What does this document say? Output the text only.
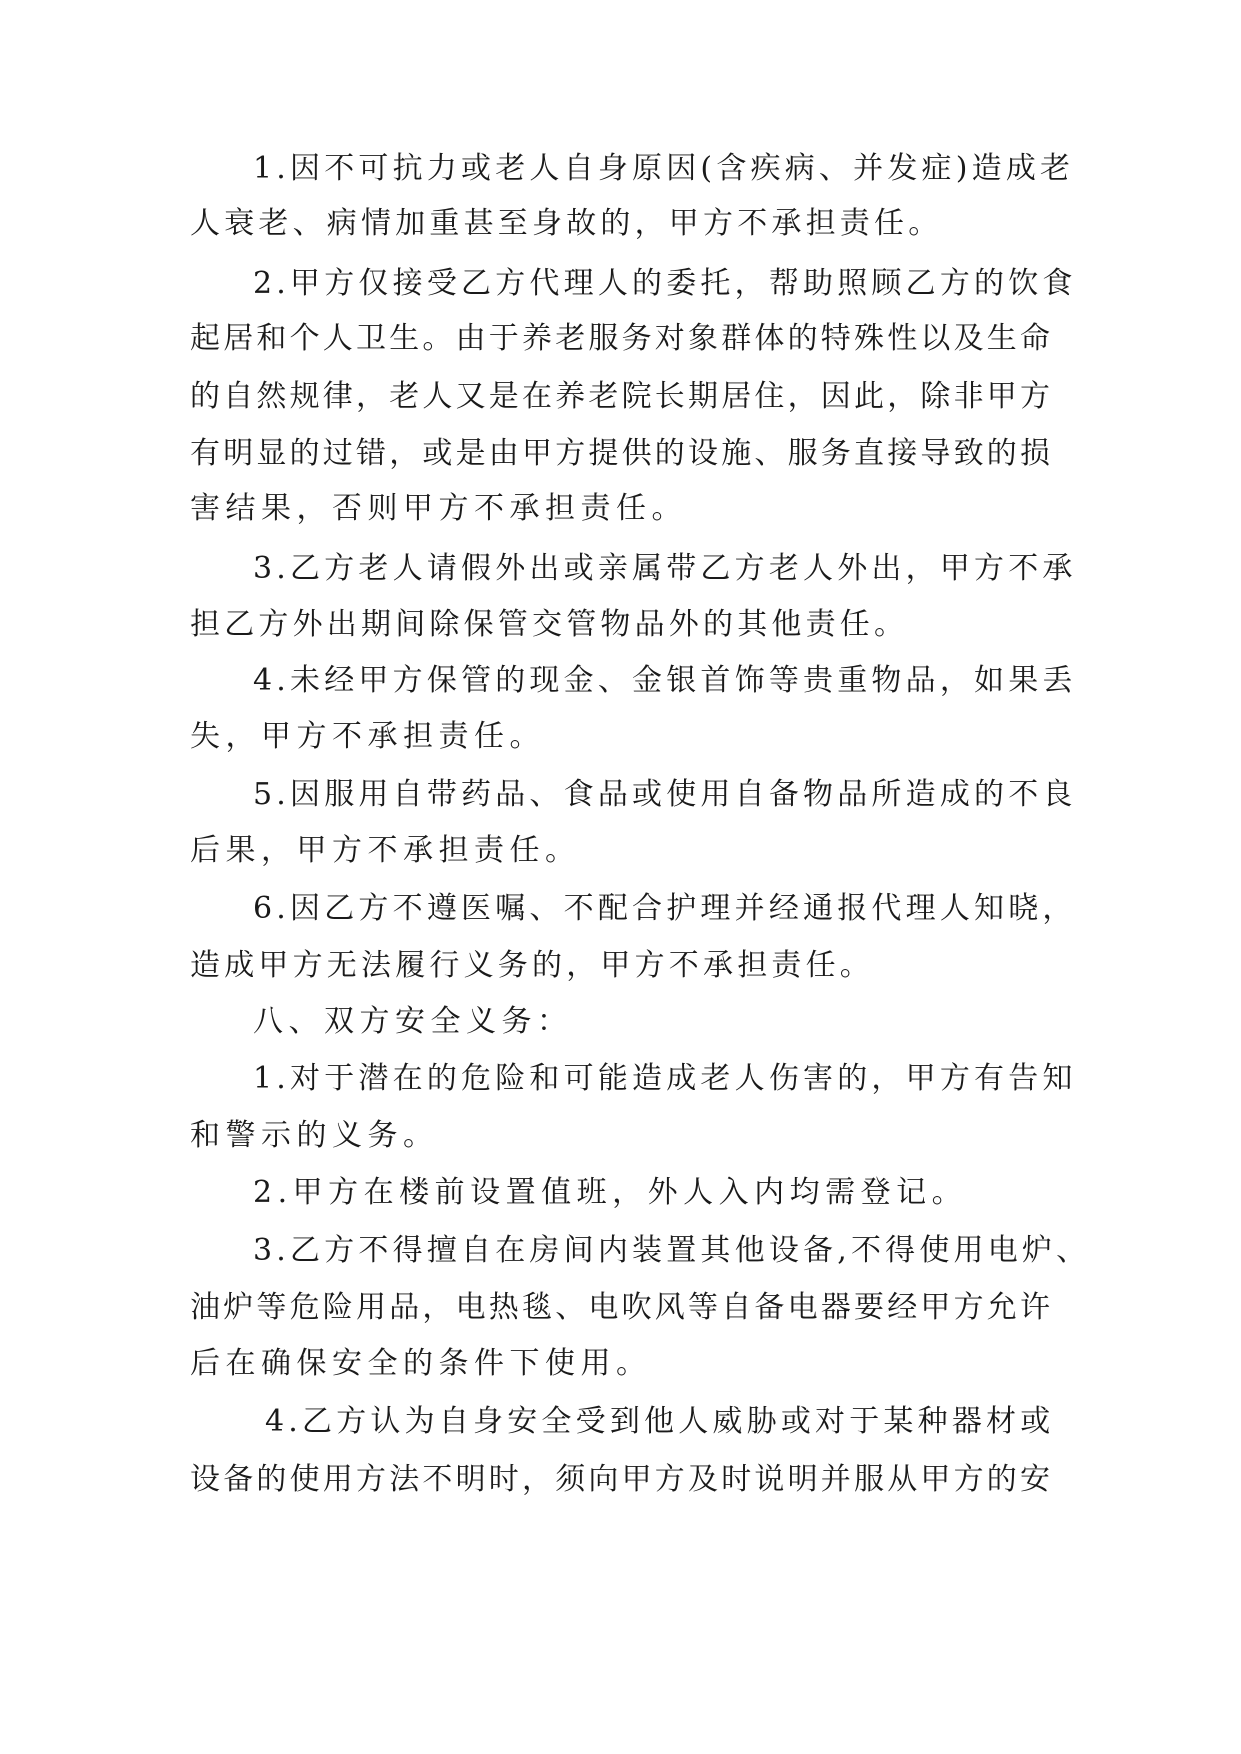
1.因不可抗力或老人自身原因(含疾病、并发症)造成老
人衰老、病情加重甚至身故的，甲方不承担责任。
2.甲方仅接受乙方代理人的委托，帮助照顾乙方的饮食
起居和个人卫生。由于养老服务对象群体的特殊性以及生命
的自然规律，老人又是在养老院长期居住，因此，除非甲方
有明显的过错，或是由甲方提供的设施、服务直接导致的损
害结果，否则甲方不承担责任。
3.乙方老人请假外出或亲属带乙方老人外出，甲方不承
担乙方外出期间除保管交管物品外的其他责任。
4.未经甲方保管的现金、金银首饰等贵重物品，如果丢
失，甲方不承担责任。
5.因服用自带药品、食品或使用自备物品所造成的不良
后果，甲方不承担责任。
6.因乙方不遵医嘱、不配合护理并经通报代理人知晓，
造成甲方无法履行义务的，甲方不承担责任。
八、双方安全义务：
1.对于潜在的危险和可能造成老人伤害的，甲方有告知
和警示的义务。
2.甲方在楼前设置值班，外人入内均需登记。
3.乙方不得擅自在房间内装置其他设备,不得使用电炉、
油炉等危险用品，电热毯、电吹风等自备电器要经甲方允许
后在确保安全的条件下使用。
4.乙方认为自身安全受到他人威胁或对于某种器材或
设备的使用方法不明时，须向甲方及时说明并服从甲方的安
